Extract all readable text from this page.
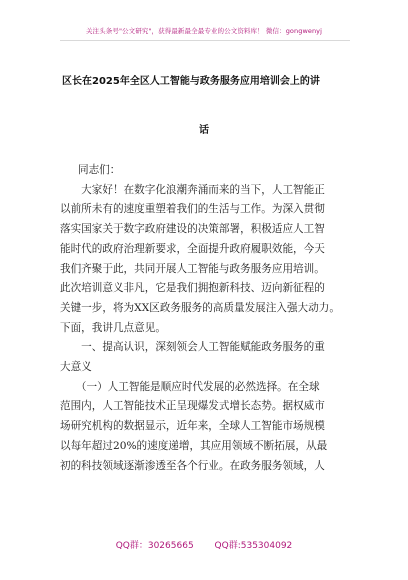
关注头条号"公文研究"，获得最新最全最专业的公文资料库！ 微信：gongwenyj
区长在2025年全区人工智能与政务服务应用培训会上的讲
话
同志们：
　　大家好！在数字化浪潮奔涌而来的当下，人工智能正
以前所未有的速度重塑着我们的生活与工作。为深入贯彻
落实国家关于数字政府建设的决策部署，积极适应人工智
能时代的政府治理新要求，全面提升政府履职效能，今天
我们齐聚于此，共同开展人工智能与政务服务应用培训。
此次培训意义非凡，它是我们拥抱新科技、迈向新征程的
关键一步，将为XX区政务服务的高质量发展注入强大动力。
下面，我讲几点意见。
　　一、提高认识，深刻领会人工智能赋能政务服务的重
大意义
　　（一）人工智能是顺应时代发展的必然选择。在全球
范围内，人工智能技术正呈现爆发式增长态势。据权威市
场研究机构的数据显示，近年来，全球人工智能市场规模
以每年超过20%的速度递增，其应用领域不断拓展，从最
初的科技领域逐渐渗透至各个行业。在政务服务领域，人
QQ群：30265665 QQ群:535304092
